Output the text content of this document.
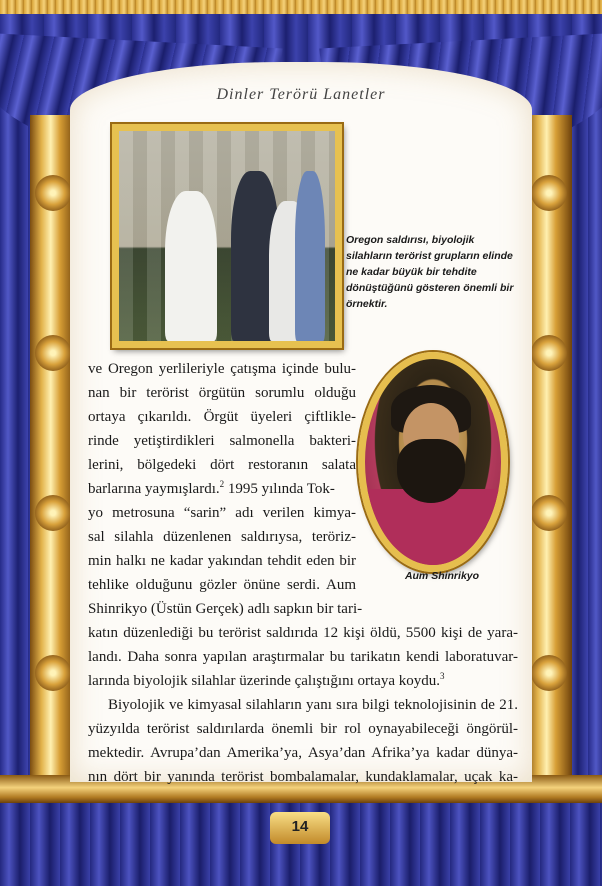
14
Dinler Terörü Lanetler
Oregon saldırısı, biyolojik silahların terörist grupların elinde ne kadar büyük bir tehdite dönüştüğünü gösteren önemli bir örnektir.
Aum Shinrikyo
ve Oregon yerlileriyle çatışma içinde bulu-
nan bir terörist örgütün sorumlu olduğu
ortaya çıkarıldı. Örgüt üyeleri çiftlikle-
rinde yetiştirdikleri salmonella bakteri-
lerini, bölgedeki dört restoranın salata
barlarına yaymışlardı.$^2$ 1995 yılında Tok-
yo metrosuna “sarin” adı verilen kimya-
sal silahla düzenlenen saldırıysa, teröriz-
min halkı ne kadar yakından tehdit eden bir
tehlike olduğunu gözler önüne serdi. Aum
Shinrikyo (Üstün Gerçek) adlı sapkın bir tari-
katın düzenlediği bu terörist saldırıda 12 kişi öldü, 5500 kişi de yara-
landı. Daha sonra yapılan araştırmalar bu tarikatın kendi laboratuvar-
larında biyolojik silahlar üzerinde çalıştığını ortaya koydu.$^3$
Biyolojik ve kimyasal silahların yanı sıra bilgi teknolojisinin de 21.
yüzyılda terörist saldırılarda önemli bir rol oynayabileceği öngörül-
mektedir. Avrupa’dan Amerika’ya, Asya’dan Afrika’ya kadar dünya-
nın dört bir yanında terörist bombalamalar, kundaklamalar, uçak ka-
